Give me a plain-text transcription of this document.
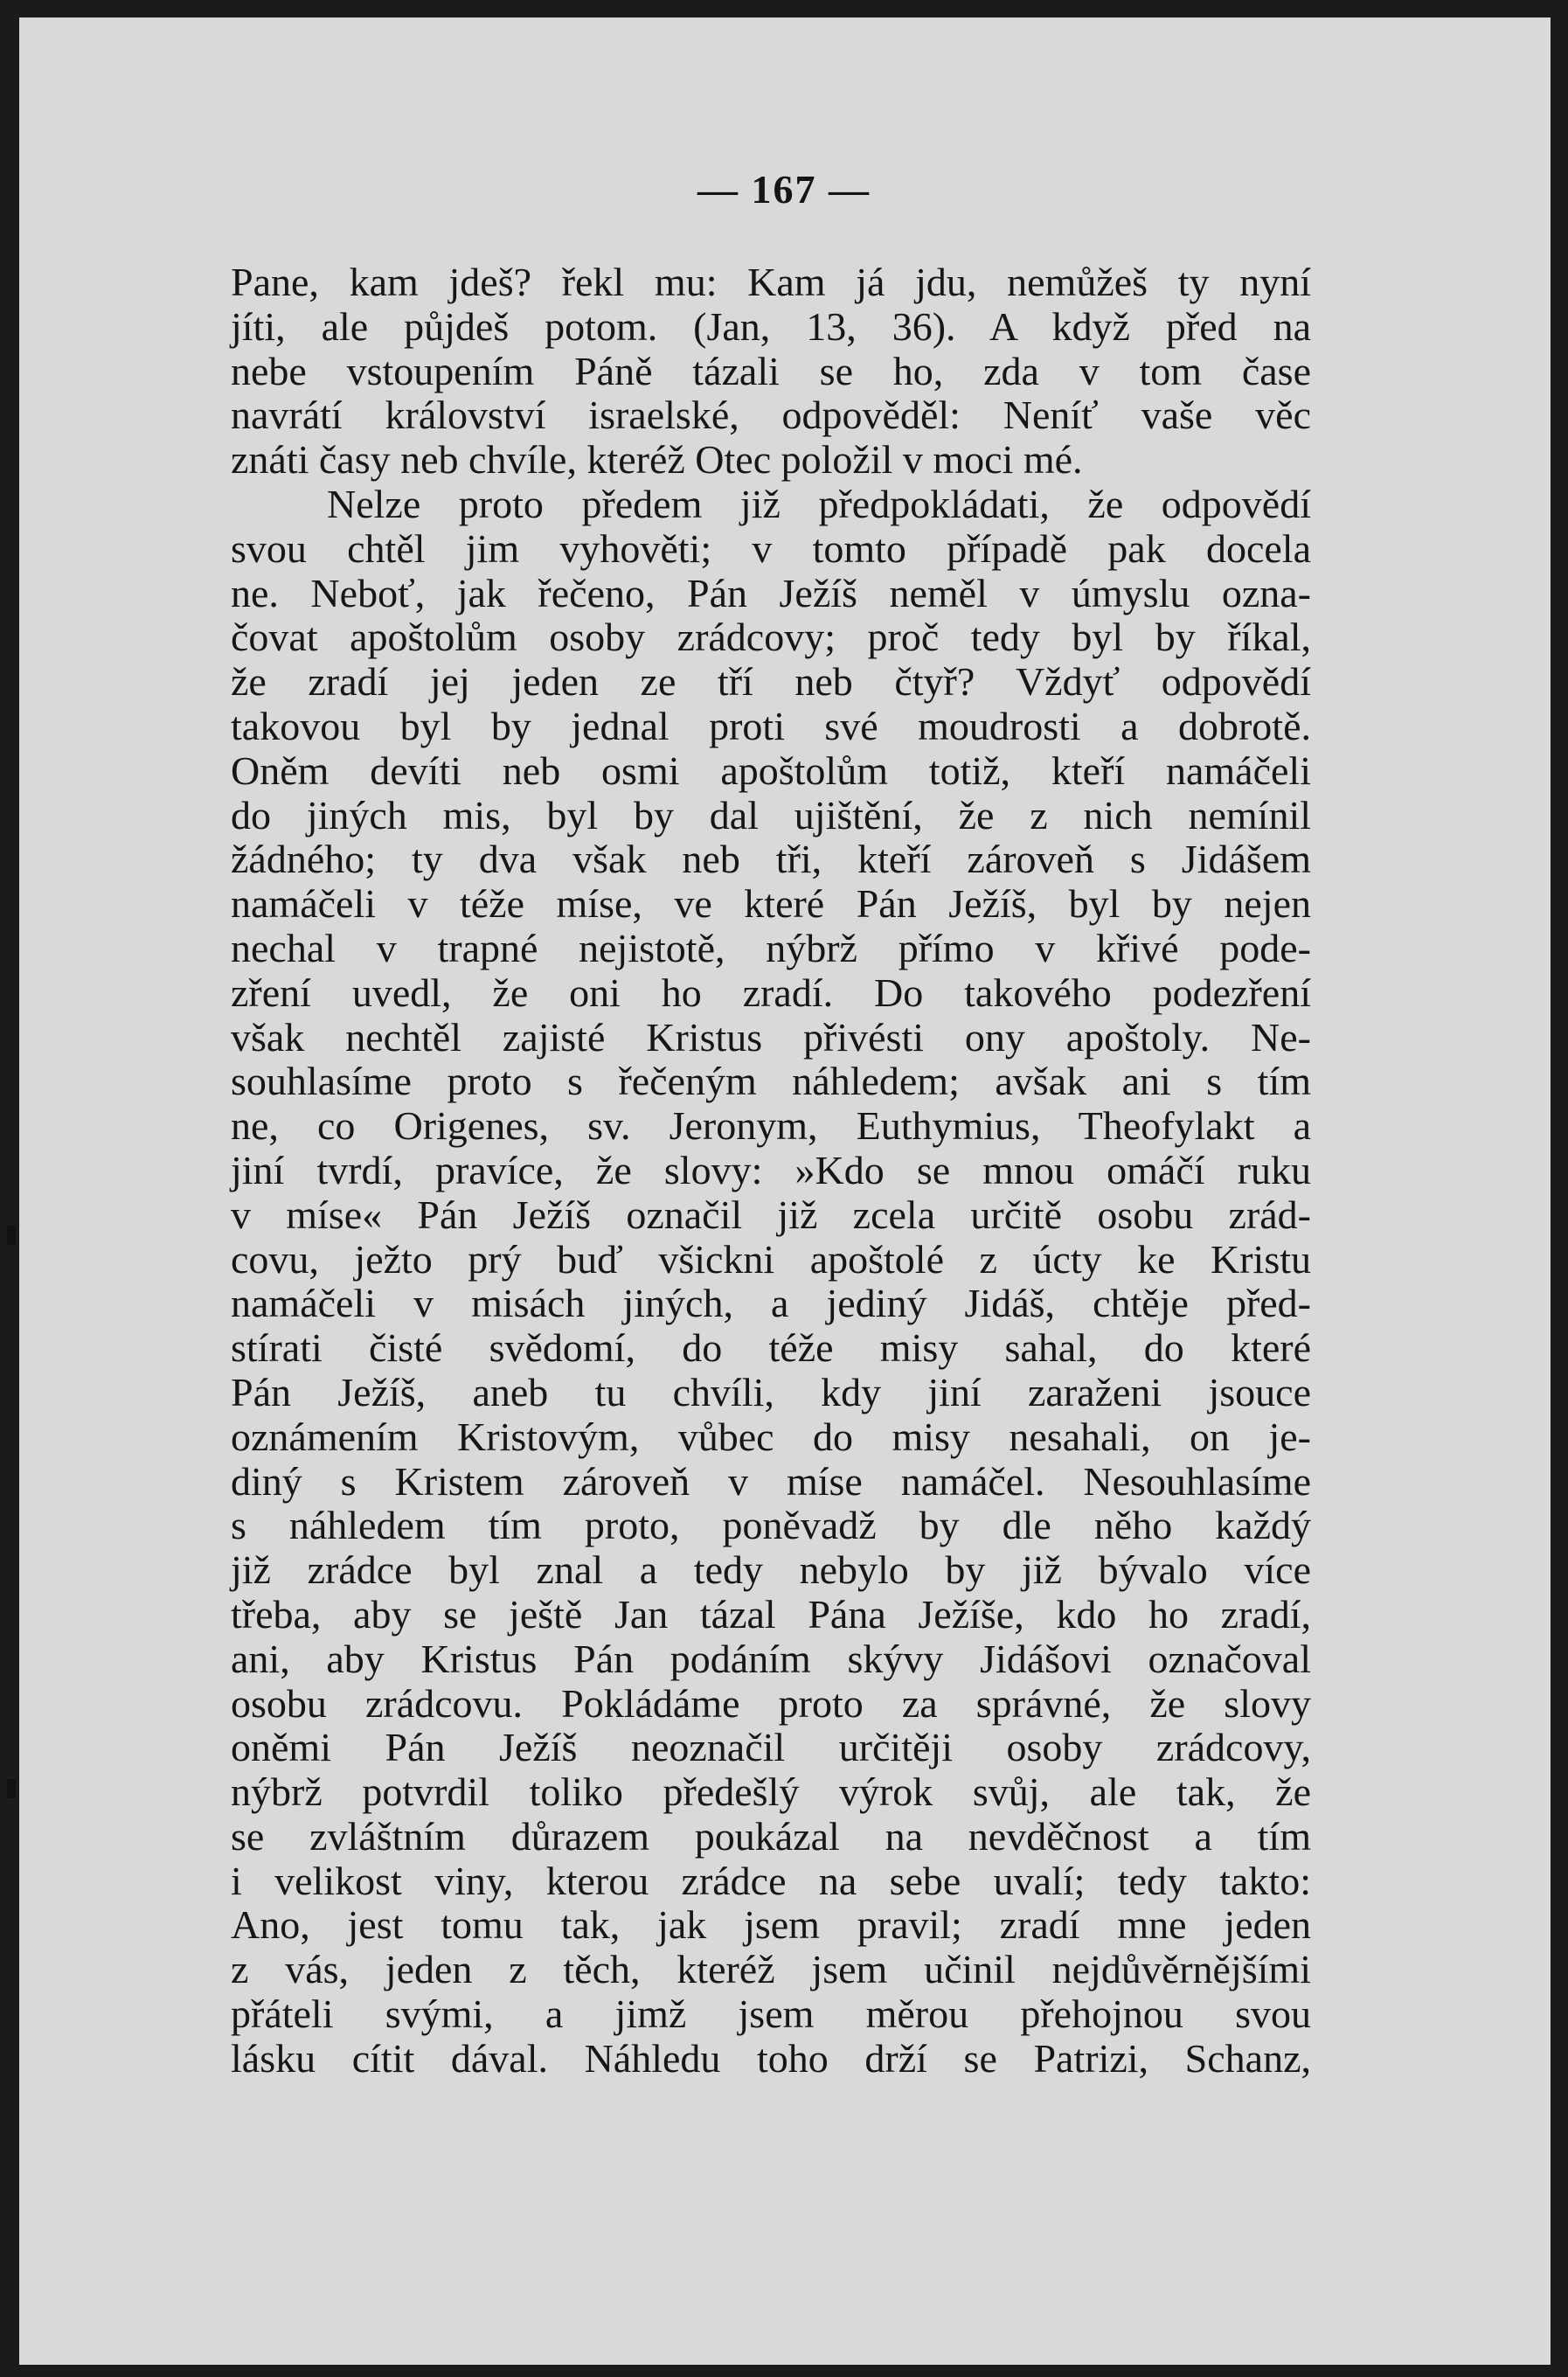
— 167 —
Pane, kam jdeš? řekl mu: Kam já jdu, nemůžeš ty nyní
jíti, ale půjdeš potom. (Jan, 13, 36). A když před na
nebe vstoupením Páně tázali se ho, zda v tom čase
navrátí království israelské, odpověděl: Neníť vaše věc
znáti časy neb chvíle, kteréž Otec položil v moci mé.
Nelze proto předem již předpokládati, že odpovědí
svou chtěl jim vyhověti; v tomto případě pak docela
ne. Neboť, jak řečeno, Pán Ježíš neměl v úmyslu ozna-
čovat apoštolům osoby zrádcovy; proč tedy byl by říkal,
že zradí jej jeden ze tří neb čtyř? Vždyť odpovědí
takovou byl by jednal proti své moudrosti a dobrotě.
Oněm devíti neb osmi apoštolům totiž, kteří namáčeli
do jiných mis, byl by dal ujištění, že z nich nemínil
žádného; ty dva však neb tři, kteří zároveň s Jidášem
namáčeli v téže míse, ve které Pán Ježíš, byl by nejen
nechal v trapné nejistotě, nýbrž přímo v křivé pode-
zření uvedl, že oni ho zradí. Do takového podezření
však nechtěl zajisté Kristus přivésti ony apoštoly. Ne-
souhlasíme proto s řečeným náhledem; avšak ani s tím
ne, co Origenes, sv. Jeronym, Euthymius, Theofylakt a
jiní tvrdí, pravíce, že slovy: »Kdo se mnou omáčí ruku
v míse« Pán Ježíš označil již zcela určitě osobu zrád-
covu, ježto prý buď všickni apoštolé z úcty ke Kristu
namáčeli v misách jiných, a jediný Jidáš, chtěje před-
stírati čisté svědomí, do téže misy sahal, do které
Pán Ježíš, aneb tu chvíli, kdy jiní zaraženi jsouce
oznámením Kristovým, vůbec do misy nesahali, on je-
diný s Kristem zároveň v míse namáčel. Nesouhlasíme
s náhledem tím proto, poněvadž by dle něho každý
již zrádce byl znal a tedy nebylo by již bývalo více
třeba, aby se ještě Jan tázal Pána Ježíše, kdo ho zradí,
ani, aby Kristus Pán podáním skývy Jidášovi označoval
osobu zrádcovu. Pokládáme proto za správné, že slovy
oněmi Pán Ježíš neoznačil určitěji osoby zrádcovy,
nýbrž potvrdil toliko předešlý výrok svůj, ale tak, že
se zvláštním důrazem poukázal na nevděčnost a tím
i velikost viny, kterou zrádce na sebe uvalí; tedy takto:
Ano, jest tomu tak, jak jsem pravil; zradí mne jeden
z vás, jeden z těch, kteréž jsem učinil nejdůvěrnějšími
přáteli svými, a jimž jsem měrou přehojnou svou
lásku cítit dával. Náhledu toho drží se Patrizi, Schanz,
